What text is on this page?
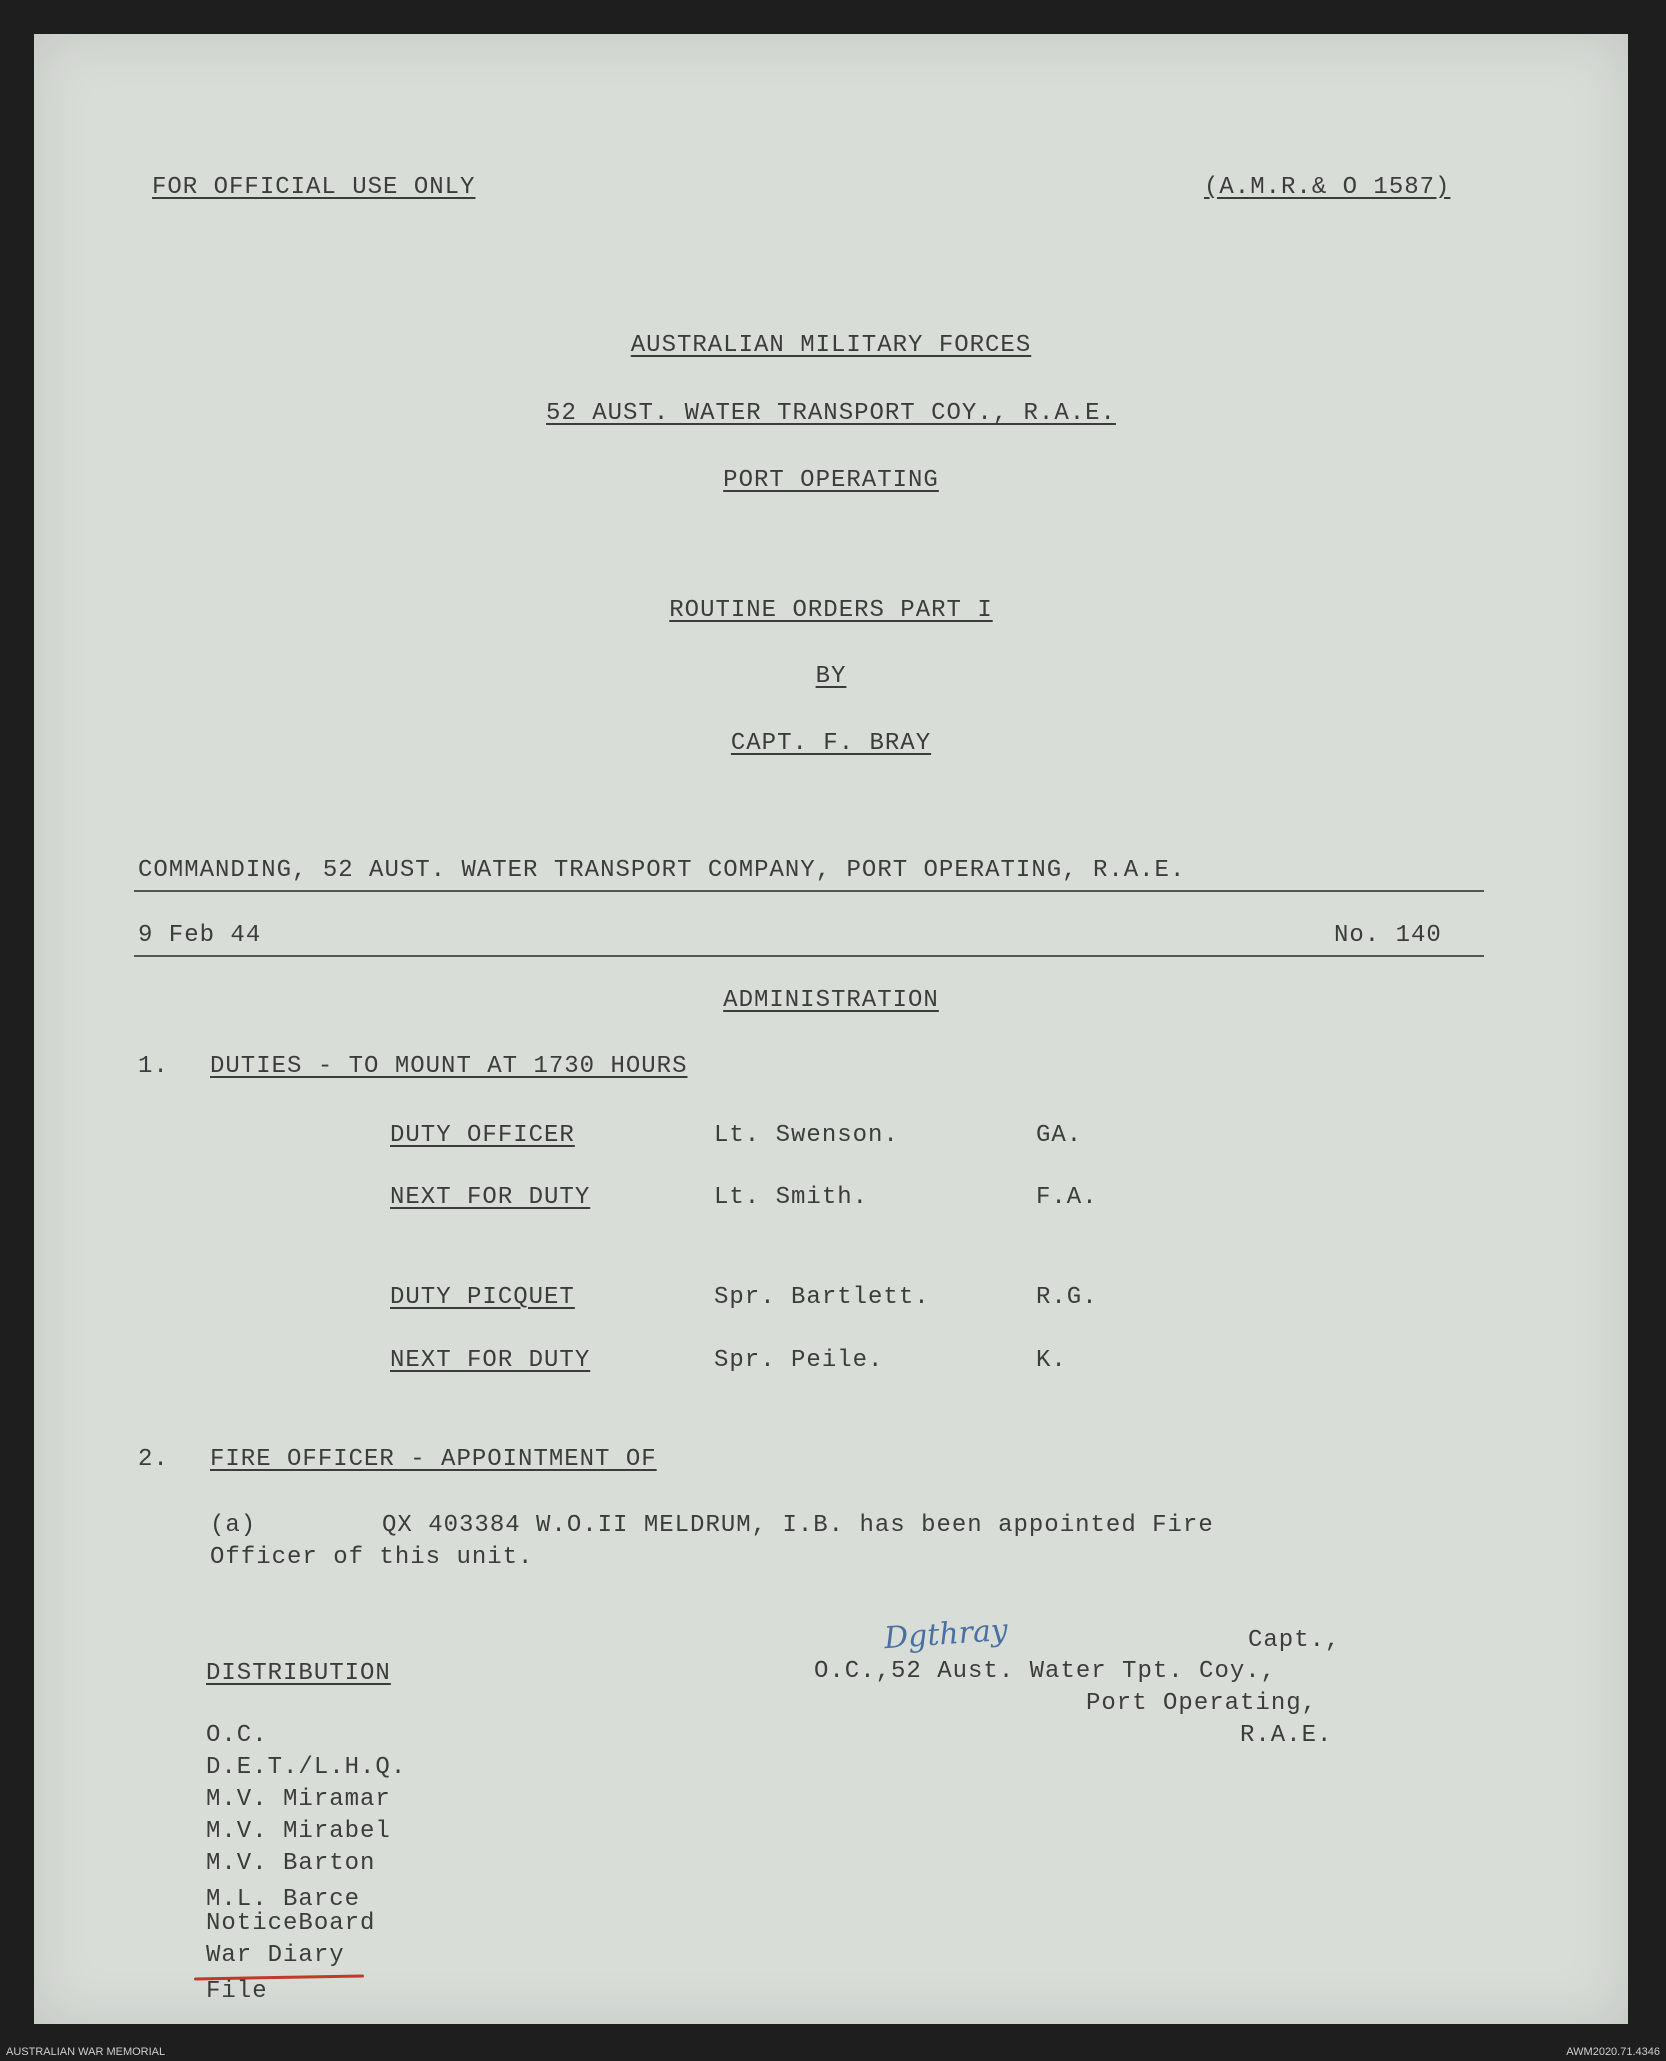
FOR OFFICIAL USE ONLY	(A.M.R.& O 1587)
AUSTRALIAN MILITARY FORCES
52 AUST. WATER TRANSPORT COY., R.A.E.
PORT OPERATING
ROUTINE ORDERS PART I
BY
CAPT. F. BRAY
COMMANDING, 52 AUST. WATER TRANSPORT COMPANY, PORT OPERATING, R.A.E.
9 Feb 44	No. 140
ADMINISTRATION
1. DUTIES - TO MOUNT AT 1730 HOURS
DUTY OFFICER	Lt. Swenson.	GA.
NEXT FOR DUTY	Lt. Smith.	F.A.
DUTY PICQUET	Spr. Bartlett.	R.G.
NEXT FOR DUTY	Spr. Peile.	K.
2. FIRE OFFICER - APPOINTMENT OF
(a)	QX 403384 W.O.II MELDRUM, I.B. has been appointed Fire
Officer of this unit.
Dgthray	Capt.,
O.C.,52 Aust. Water Tpt. Coy.,
Port Operating,
R.A.E.
DISTRIBUTION
O.C.
D.E.T./L.H.Q.
M.V. Miramar
M.V. Mirabel
M.V. Barton
M.L. Barce
NoticeBoard
War Diary
File
AUSTRALIAN WAR MEMORIAL	AWM2020.71.4346
